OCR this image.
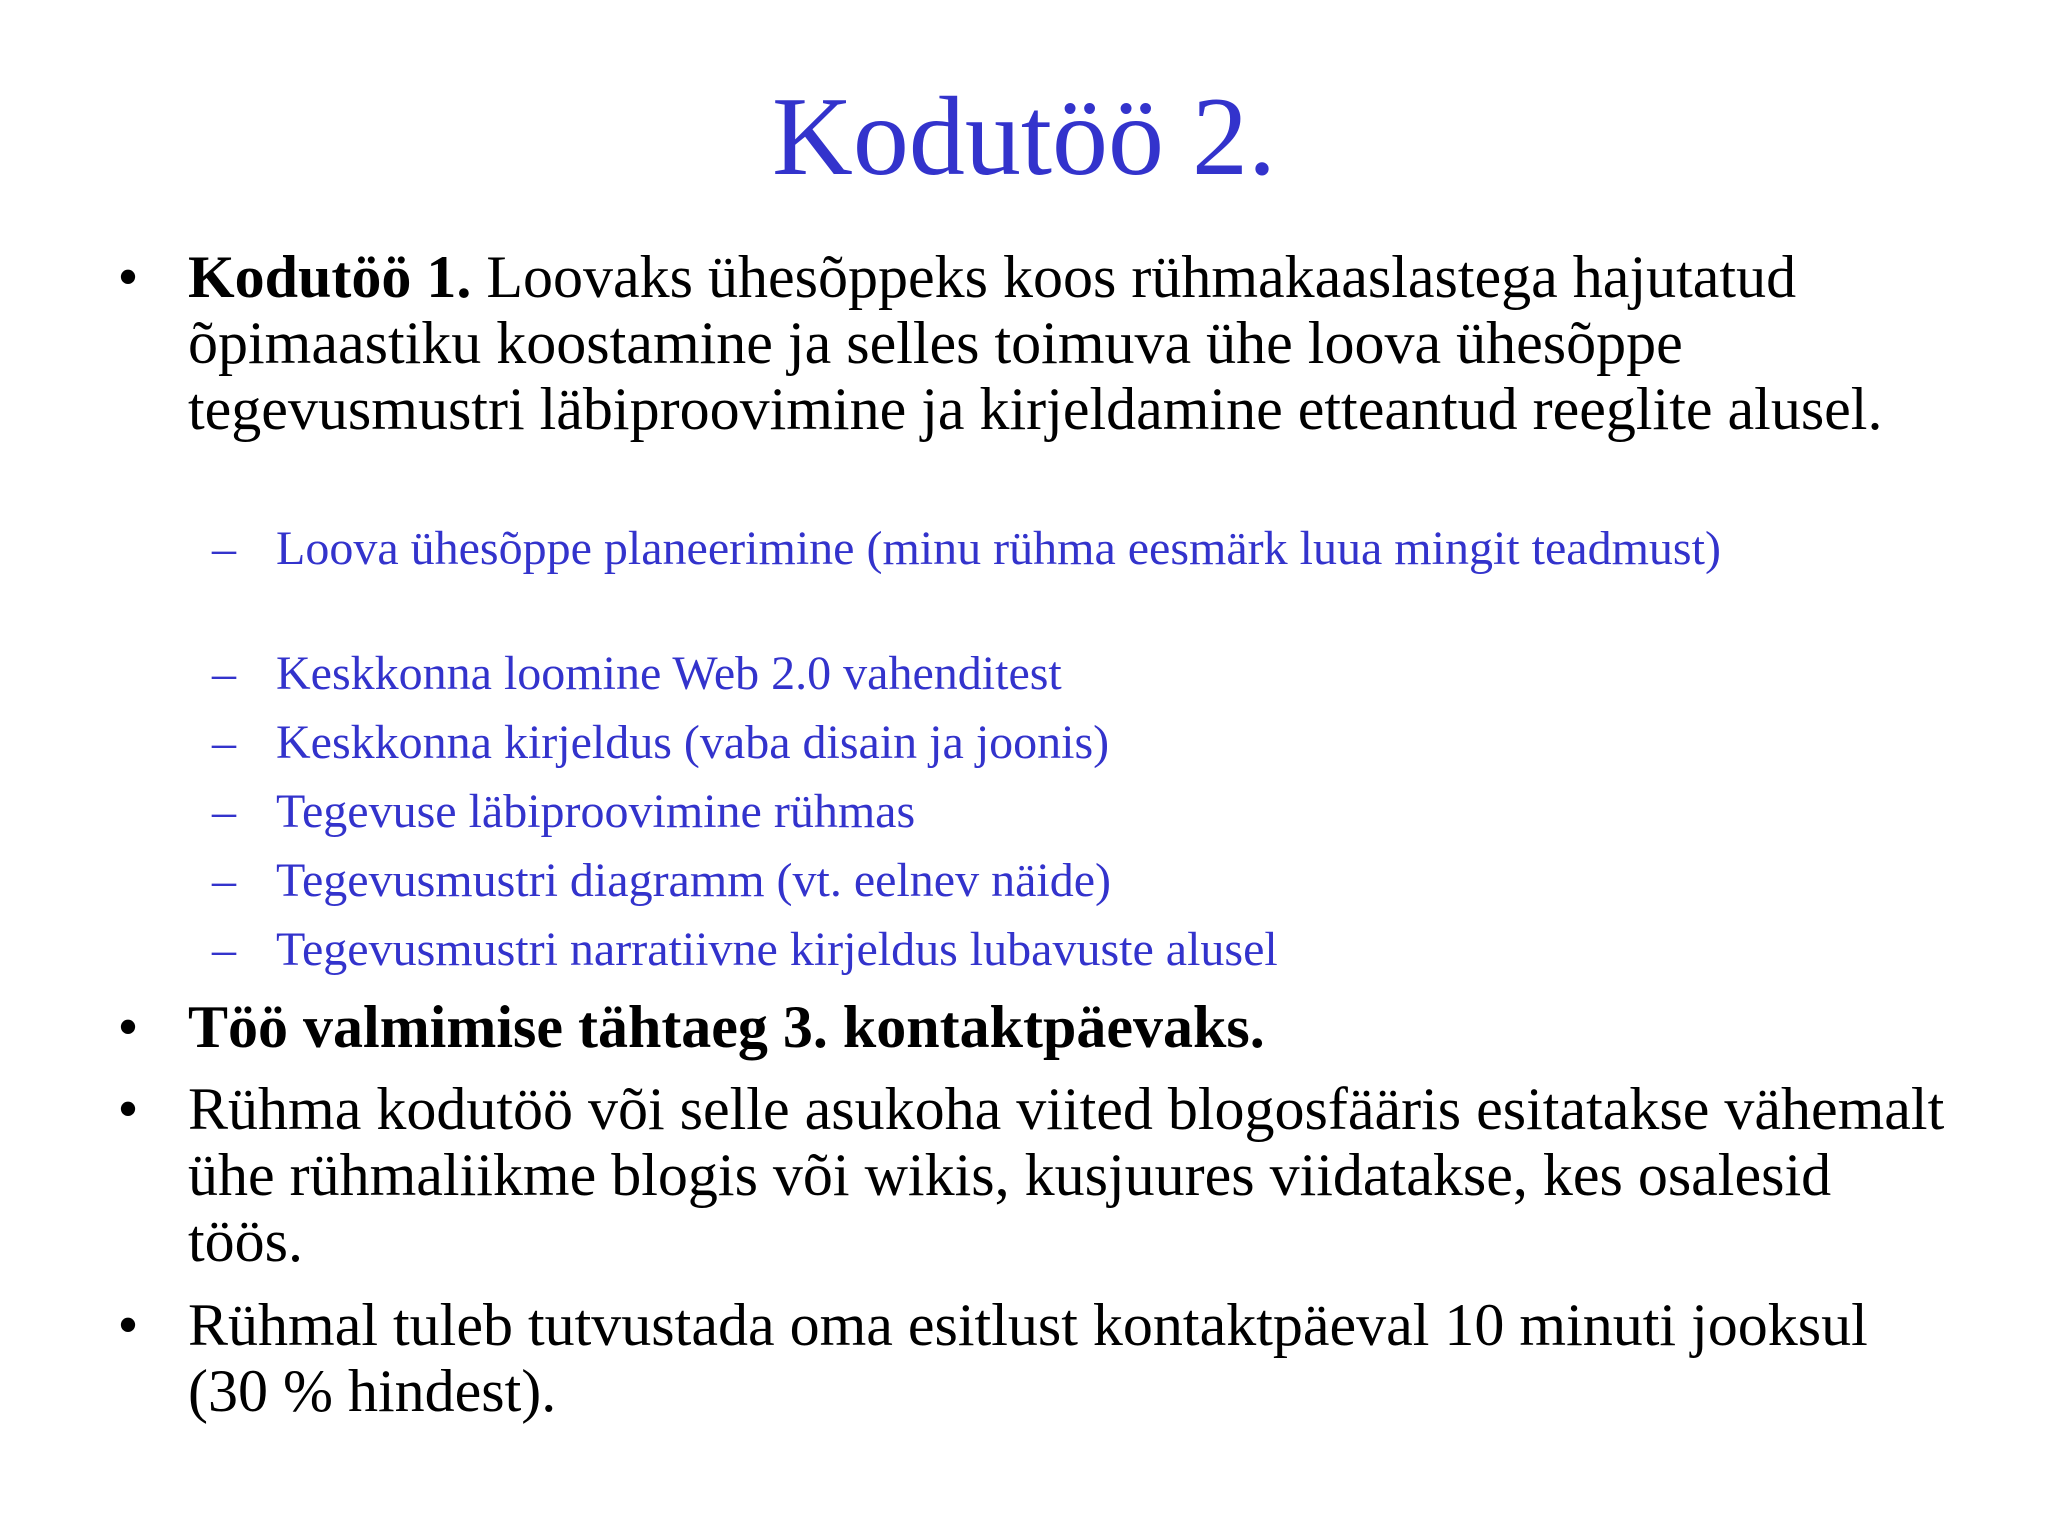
Kodutöö 2.
• Kodutöö 1. Loovaks ühesõppeks koos rühmakaaslastega hajutatud õpimaastiku koostamine ja selles toimuva ühe loova ühesõppe tegevusmustri läbiproovimine ja kirjeldamine etteantud reeglite alusel.
– Loova ühesõppe planeerimine (minu rühma eesmärk luua mingit teadmust)
– Keskkonna loomine Web 2.0 vahenditest
– Keskkonna kirjeldus (vaba disain ja joonis)
– Tegevuse läbiproovimine rühmas
– Tegevusmustri diagramm (vt. eelnev näide)
– Tegevusmustri narratiivne kirjeldus lubavuste alusel
• Töö valmimise tähtaeg 3. kontaktpäevaks.
• Rühma kodutöö või selle asukoha viited blogosfääris esitatakse vähemalt ühe rühmaliikme blogis või wikis, kusjuures viidatakse, kes osalesid töös.
• Rühmal tuleb tutvustada oma esitlust kontaktpäeval 10 minuti jooksul (30 % hindest).
